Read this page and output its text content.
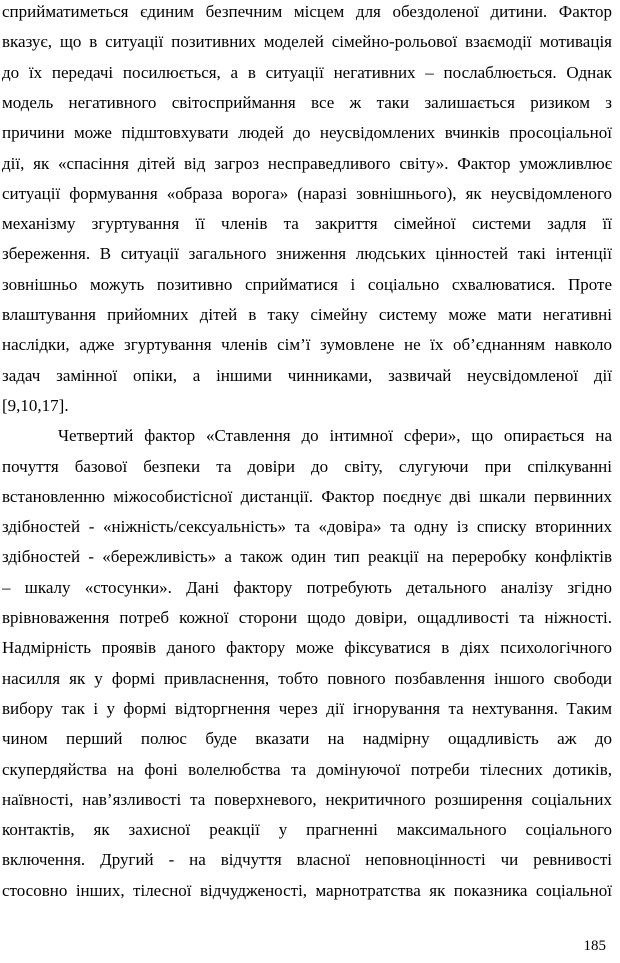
сприйматиметься єдиним безпечним місцем для обездоленої дитини. Фактор
вказує, що в ситуації позитивних моделей сімейно-рольової взаємодії мотивація
до їх передачі посилюється, а в ситуації негативних – послаблюється. Однак
модель негативного світосприймання все ж таки залишається ризиком з
причини може підштовхувати людей до неусвідомлених вчинків просоціальної
дії, як «спасіння дітей від загроз несправедливого світу». Фактор уможливлює
ситуації формування «образа ворога» (наразі зовнішнього), як неусвідомленого
механізму згуртування її членів та закриття сімейної системи задля її
збереження. В ситуації загального зниження людських цінностей такі інтенції
зовнішньо можуть позитивно сприйматися і соціально схвалюватися. Проте
влаштування прийомних дітей в таку сімейну систему може мати негативні
наслідки, адже згуртування членів сім’ї зумовлене не їх об’єднанням навколо
задач замінної опіки, а іншими чинниками, зазвичай неусвідомленої дії
[9,10,17].
Четвертий фактор «Ставлення до інтимної сфери», що опирається на
почуття базової безпеки та довіри до світу, слугуючи при спілкуванні
встановленню міжособистісної дистанції. Фактор поєднує дві шкали первинних
здібностей - «ніжність/сексуальність» та «довіра» та одну із списку вторинних
здібностей - «бережливість» а також один тип реакції на переробку конфліктів
– шкалу «стосунки». Дані фактору потребують детального аналізу згідно
врівноваження потреб кожної сторони щодо довіри, ощадливості та ніжності.
Надмірність проявів даного фактору може фіксуватися в діях психологічного
насилля як у формі привласнення, тобто повного позбавлення іншого свободи
вибору так і у формі відторгнення через дії ігнорування та нехтування. Таким
чином перший полюс буде вказати на надмірну ощадливість аж до
скупердяйства на фоні волелюбства та домінуючої потреби тілесних дотиків,
наївності, нав’язливості та поверхневого, некритичного розширення соціальних
контактів, як захисної реакції у прагненні максимального соціального
включення. Другий - на відчуття власної неповноцінності чи ревнивості
стосовно інших, тілесної відчудженості, марнотратства як показника соціальної
185
